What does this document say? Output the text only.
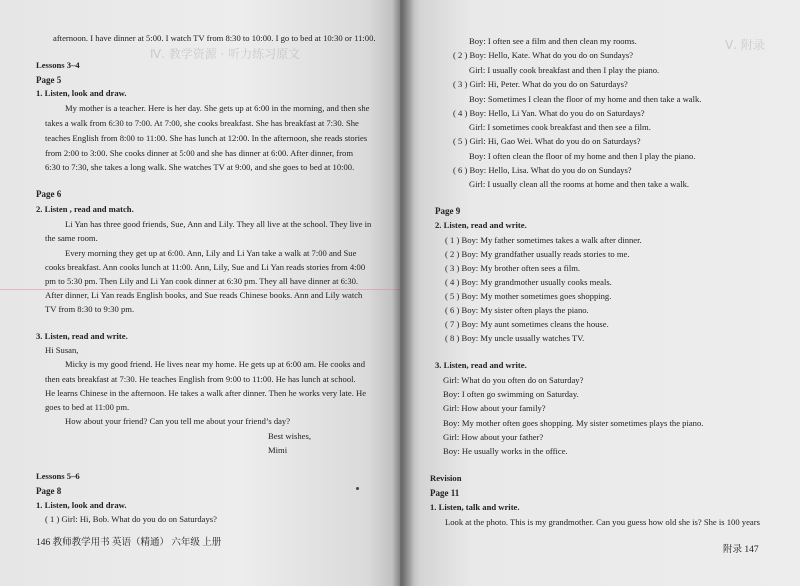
Ⅳ. 教学资源 · 听力练习原文
afternoon. I have dinner at 5:00. I watch TV from 8:30 to 10:00. I go to bed at 10:30 or 11:00.
Lessons 3–4
Page 5
1. Listen, look and draw.
My mother is a teacher. Here is her day. She gets up at 6:00 in the morning, and then she
takes a walk from 6:30 to 7:00. At 7:00, she cooks breakfast. She has breakfast at 7:30. She
teaches English from 8:00 to 11:00. She has lunch at 12:00. In the afternoon, she reads stories
from 2:00 to 3:00. She cooks dinner at 5:00 and she has dinner at 6:00. After dinner, from
6:30 to 7:30, she takes a long walk. She watches TV at 9:00, and she goes to bed at 10:00.
Page 6
2. Listen , read and match.
Li Yan has three good friends, Sue, Ann and Lily. They all live at the school. They live in
the same room.
Every morning they get up at 6:00. Ann, Lily and Li Yan take a walk at 7:00 and Sue
cooks breakfast. Ann cooks lunch at 11:00. Ann, Lily, Sue and Li Yan reads stories from 4:00
pm to 5:30 pm. Then Lily and Li Yan cook dinner at 6:30 pm. They all have dinner at 6:30.
After dinner, Li Yan reads English books, and Sue reads Chinese books. Ann and Lily watch
TV from 8:30 to 9:30 pm.
3. Listen, read and write.
Hi Susan,
Micky is my good friend. He lives near my home. He gets up at 6:00 am. He cooks and
then eats breakfast at 7:30. He teaches English from 9:00 to 11:00. He has lunch at school.
He learns Chinese in the afternoon. He takes a walk after dinner. Then he works very late. He
goes to bed at 11:00 pm.
How about your friend? Can you tell me about your friend’s day?
Best wishes,
Mimi
Lessons 5–6
Page 8
1. Listen, look and draw.
( 1 ) Girl: Hi, Bob. What do you do on Saturdays?
146 教师教学用书 英语（精通） 六年级 上册
Ⅴ. 附录
Boy: I often see a film and then clean my rooms.
( 2 ) Boy: Hello, Kate. What do you do on Sundays?
Girl: I usually cook breakfast and then I play the piano.
( 3 ) Girl: Hi, Peter. What do you do on Saturdays?
Boy: Sometimes I clean the floor of my home and then take a walk.
( 4 ) Boy: Hello, Li Yan. What do you do on Saturdays?
Girl: I sometimes cook breakfast and then see a film.
( 5 ) Girl: Hi, Gao Wei. What do you do on Saturdays?
Boy: I often clean the floor of my home and then I play the piano.
( 6 ) Boy: Hello, Lisa. What do you do on Sundays?
Girl: I usually clean all the rooms at home and then take a walk.
Page 9
2. Listen, read and write.
( 1 ) Boy: My father sometimes takes a walk after dinner.
( 2 ) Boy: My grandfather usually reads stories to me.
( 3 ) Boy: My brother often sees a film.
( 4 ) Boy: My grandmother usually cooks meals.
( 5 ) Boy: My mother sometimes goes shopping.
( 6 ) Boy: My sister often plays the piano.
( 7 ) Boy: My aunt sometimes cleans the house.
( 8 ) Boy: My uncle usually watches TV.
3. Listen, read and write.
Girl: What do you often do on Saturday?
Boy: I often go swimming on Saturday.
Girl: How about your family?
Boy: My mother often goes shopping. My sister sometimes plays the piano.
Girl: How about your father?
Boy: He usually works in the office.
Revision
Page 11
1. Listen, talk and write.
Look at the photo. This is my grandmother. Can you guess how old she is? She is 100 years
附录 147
